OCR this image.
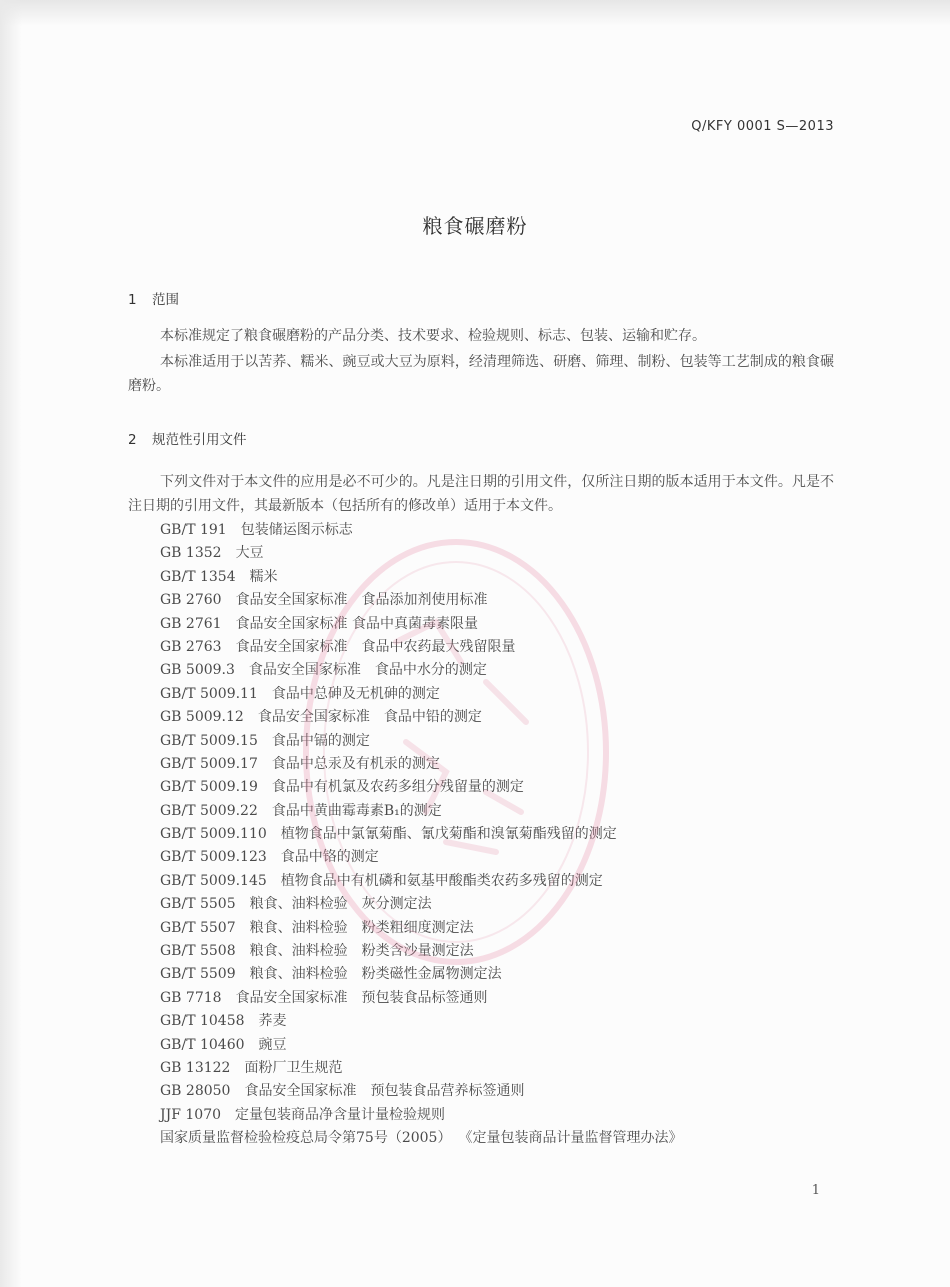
Q/KFY 0001 S—2013
粮食碾磨粉
1 范围

本标准规定了粮食碾磨粉的产品分类、技术要求、检验规则、标志、包装、运输和贮存。

本标准适用于以苦荞、糯米、豌豆或大豆为原料，经清理筛选、研磨、筛理、制粉、包装等工艺制成的粮食碾磨粉。

2 规范性引用文件

下列文件对于本文件的应用是必不可少的。凡是注日期的引用文件，仅所注日期的版本适用于本文件。凡是不注日期的引用文件，其最新版本（包括所有的修改单）适用于本文件。

GB/T 191 包装储运图示标志
GB 1352 大豆
GB/T 1354 糯米
GB 2760 食品安全国家标准　食品添加剂使用标准
GB 2761 食品安全国家标准 食品中真菌毒素限量
GB 2763 食品安全国家标准　食品中农药最大残留限量
GB 5009.3 食品安全国家标准　食品中水分的测定
GB/T 5009.11 食品中总砷及无机砷的测定
GB 5009.12 食品安全国家标准　食品中铅的测定
GB/T 5009.15 食品中镉的测定
GB/T 5009.17 食品中总汞及有机汞的测定
GB/T 5009.19 食品中有机氯及农药多组分残留量的测定
GB/T 5009.22 食品中黄曲霉毒素B₁的测定
GB/T 5009.110 植物食品中氯氰菊酯、氰戊菊酯和溴氰菊酯残留的测定
GB/T 5009.123 食品中铬的测定
GB/T 5009.145 植物食品中有机磷和氨基甲酸酯类农药多残留的测定
GB/T 5505 粮食、油料检验　灰分测定法
GB/T 5507 粮食、油料检验　粉类粗细度测定法
GB/T 5508 粮食、油料检验　粉类含沙量测定法
GB/T 5509 粮食、油料检验　粉类磁性金属物测定法
GB 7718 食品安全国家标准　预包装食品标签通则
GB/T 10458 荞麦
GB/T 10460 豌豆
GB 13122 面粉厂卫生规范
GB 28050 食品安全国家标准　预包装食品营养标签通则
JJF 1070 定量包装商品净含量计量检验规则
国家质量监督检验检疫总局令第75号（2005） 《定量包装商品计量监督管理办法》
1
